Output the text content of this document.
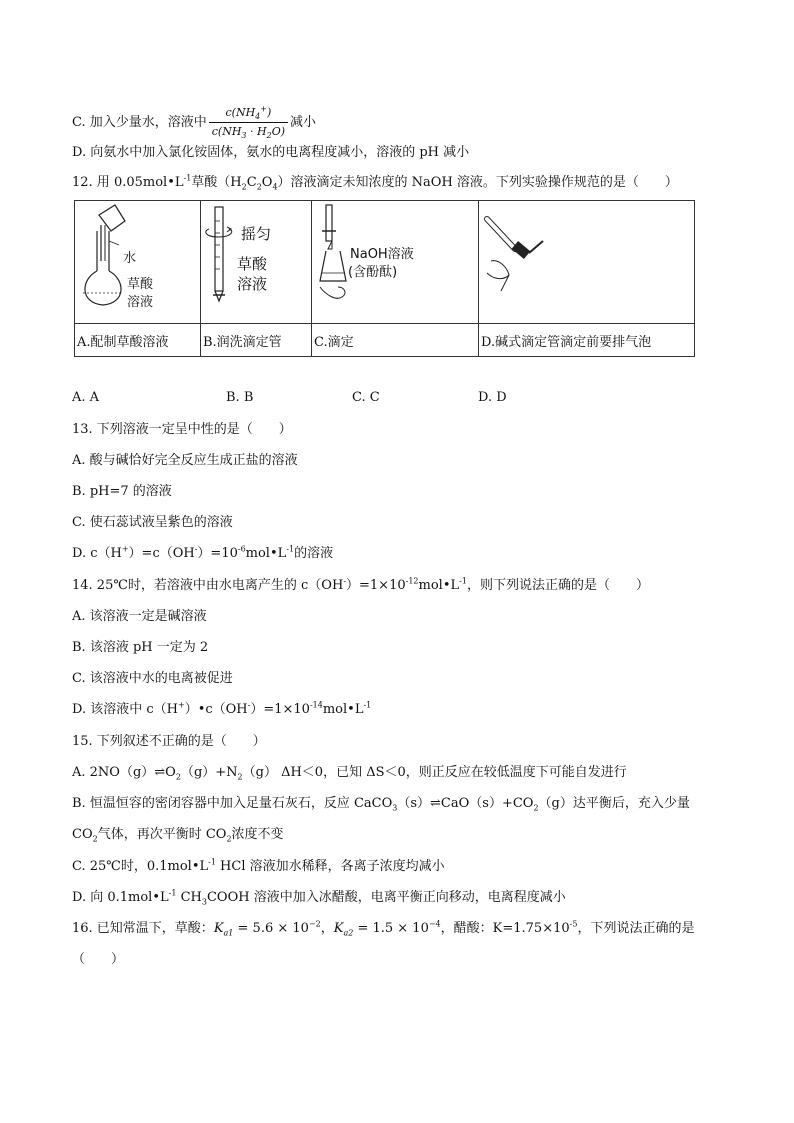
C. 加入少量水，溶液中 $\frac{c(NH_4^+)}{c(NH_3 \cdot H_2O)}$ 减小
D. 向氨水中加入氯化铵固体，氨水的电离程度减小，溶液的 pH 减小
12. 用 $0.05mol•L^{-1}$草酸$(H_2C_2O_4)$溶液滴定未知浓度的 NaOH 溶液。下列实验操作规范的是（　　）
水
草酸
溶液	摇匀
草酸
溶液	NaOH溶液
(含酚酞)

A.配制草酸溶液	B.润洗滴定管	C.滴定	D.碱式滴定管滴定前要排气泡
A. A	B. B	C. C	D. D
13. 下列溶液一定呈中性的是（　　）
A. 酸与碱恰好完全反应生成正盐的溶液
B. pH=7 的溶液
C. 使石蕊试液呈紫色的溶液
D. $c(H^+)=c(OH^-)=10^{-6}mol•L^{-1}$的溶液
14. 25℃时，若溶液中由水电离产生的 $c(OH^-)=1\times 10^{-12}mol•L^{-1}$，则下列说法正确的是（　　）
A. 该溶液一定是碱溶液
B. 该溶液 pH 一定为 2
C. 该溶液中水的电离被促进
D. 该溶液中 $c(H^+)•c(OH^-)=1\times 10^{-14}mol•L^{-1}$
15. 下列叙述不正确的是（　　）
A. $2NO(g)\rightleftharpoons O_2(g)+N_2(g)$ ΔH＜0，已知 ΔS＜0，则正反应在较低温度下可能自发进行
B. 恒温恒容的密闭容器中加入足量石灰石，反应 $CaCO_3(s)\rightleftharpoons CaO(s)+CO_2(g)$达平衡后，充入少量
$CO_2$气体，再次平衡时 $CO_2$浓度不变
C. 25℃时，$0.1mol•L^{-1}$ HCl 溶液加水稀释，各离子浓度均减小
D. 向 $0.1mol•L^{-1}$ $CH_3COOH$ 溶液中加入冰醋酸，电离平衡正向移动，电离程度减小
16. 已知常温下，草酸：$K_{a1} = 5.6 \times 10^{-2}$，$K_{a2} = 1.5 \times 10^{-4}$，醋酸：$K=1.75\times 10^{-5}$，下列说法正确的是
（　　）
